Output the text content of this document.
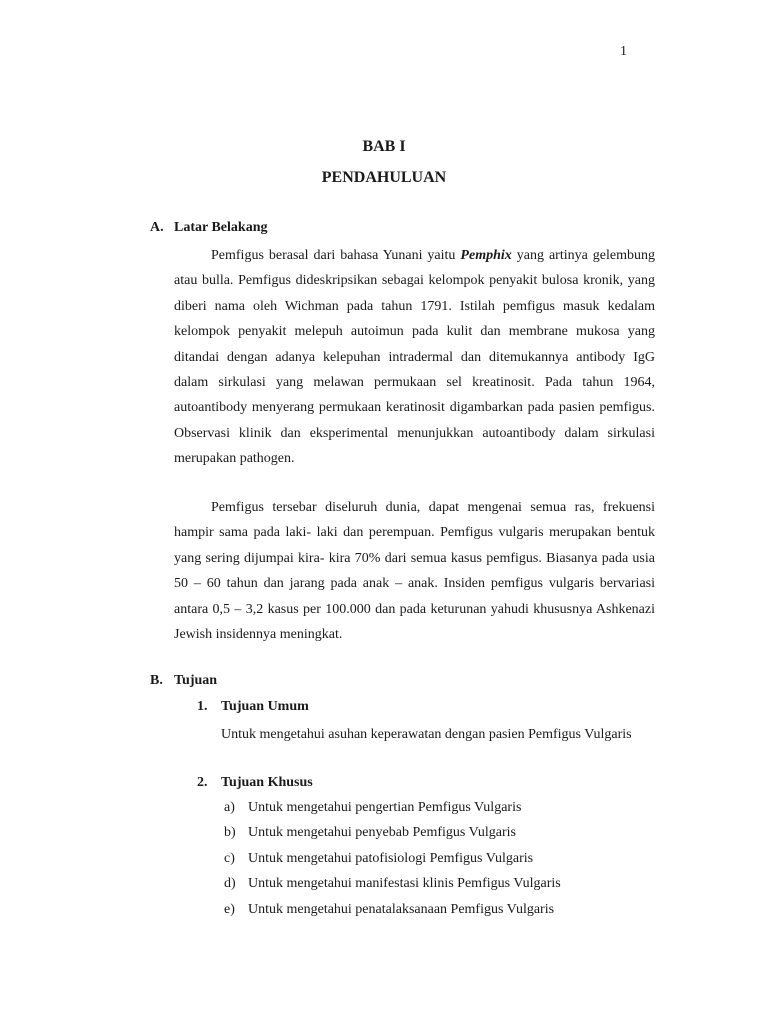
1
BAB I
PENDAHULUAN
A. Latar Belakang

Pemfigus berasal dari bahasa Yunani yaitu Pemphix yang artinya gelembung atau bulla. Pemfigus dideskripsikan sebagai kelompok penyakit bulosa kronik, yang diberi nama oleh Wichman pada tahun 1791. Istilah pemfigus masuk kedalam kelompok penyakit melepuh autoimun pada kulit dan membrane mukosa yang ditandai dengan adanya kelepuhan intradermal dan ditemukannya antibody IgG dalam sirkulasi yang melawan permukaan sel kreatinosit. Pada tahun 1964, autoantibody menyerang permukaan keratinosit digambarkan pada pasien pemfigus. Observasi klinik dan eksperimental menunjukkan autoantibody dalam sirkulasi merupakan pathogen.

Pemfigus tersebar diseluruh dunia, dapat mengenai semua ras, frekuensi hampir sama pada laki- laki dan perempuan. Pemfigus vulgaris merupakan bentuk yang sering dijumpai kira- kira 70% dari semua kasus pemfigus. Biasanya pada usia 50 – 60 tahun dan jarang pada anak – anak. Insiden pemfigus vulgaris bervariasi antara 0,5 – 3,2 kasus per 100.000 dan pada keturunan yahudi khususnya Ashkenazi Jewish insidennya meningkat.

B. Tujuan
1. Tujuan Umum

Untuk mengetahui asuhan keperawatan dengan pasien Pemfigus Vulgaris

2. Tujuan Khusus
a) Untuk mengetahui pengertian Pemfigus Vulgaris
b) Untuk mengetahui penyebab Pemfigus Vulgaris
c) Untuk mengetahui patofisiologi Pemfigus Vulgaris
d) Untuk mengetahui manifestasi klinis Pemfigus Vulgaris
e) Untuk mengetahui penatalaksanaan Pemfigus Vulgaris
